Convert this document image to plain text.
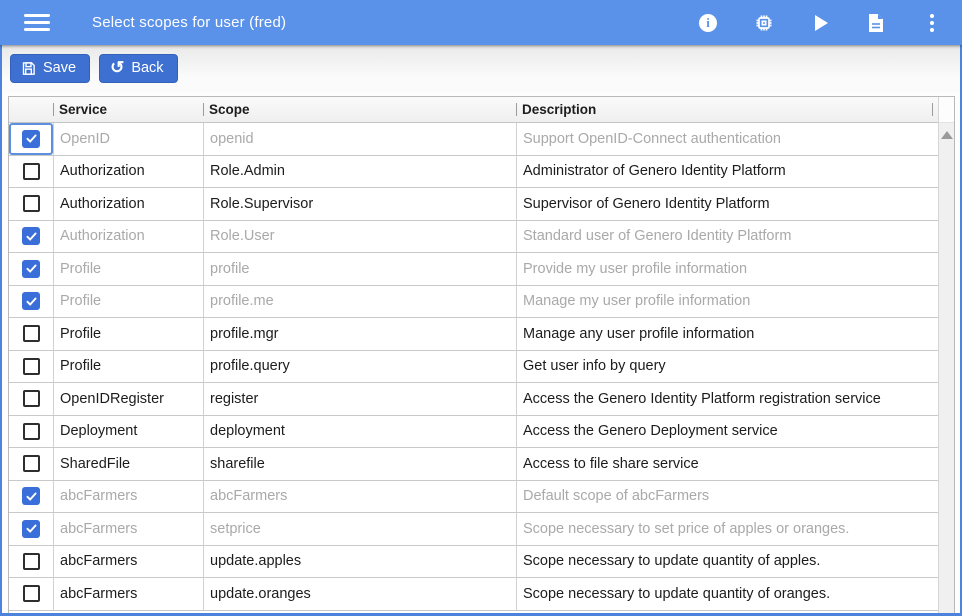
Select scopes for user (fred)	i
Save ↺ Back
Service	Scope	Description
OpenID	openid	Support OpenID-Connect authentication
Authorization	Role.Admin	Administrator of Genero Identity Platform
Authorization	Role.Supervisor	Supervisor of Genero Identity Platform
Authorization	Role.User	Standard user of Genero Identity Platform
Profile	profile	Provide my user profile information
Profile	profile.me	Manage my user profile information
Profile	profile.mgr	Manage any user profile information
Profile	profile.query	Get user info by query
OpenIDRegister	register	Access the Genero Identity Platform registration service
Deployment	deployment	Access the Genero Deployment service
SharedFile	sharefile	Access to file share service
abcFarmers	abcFarmers	Default scope of abcFarmers
abcFarmers	setprice	Scope necessary to set price of apples or oranges.
abcFarmers	update.apples	Scope necessary to update quantity of apples.
abcFarmers	update.oranges	Scope necessary to update quantity of oranges.
